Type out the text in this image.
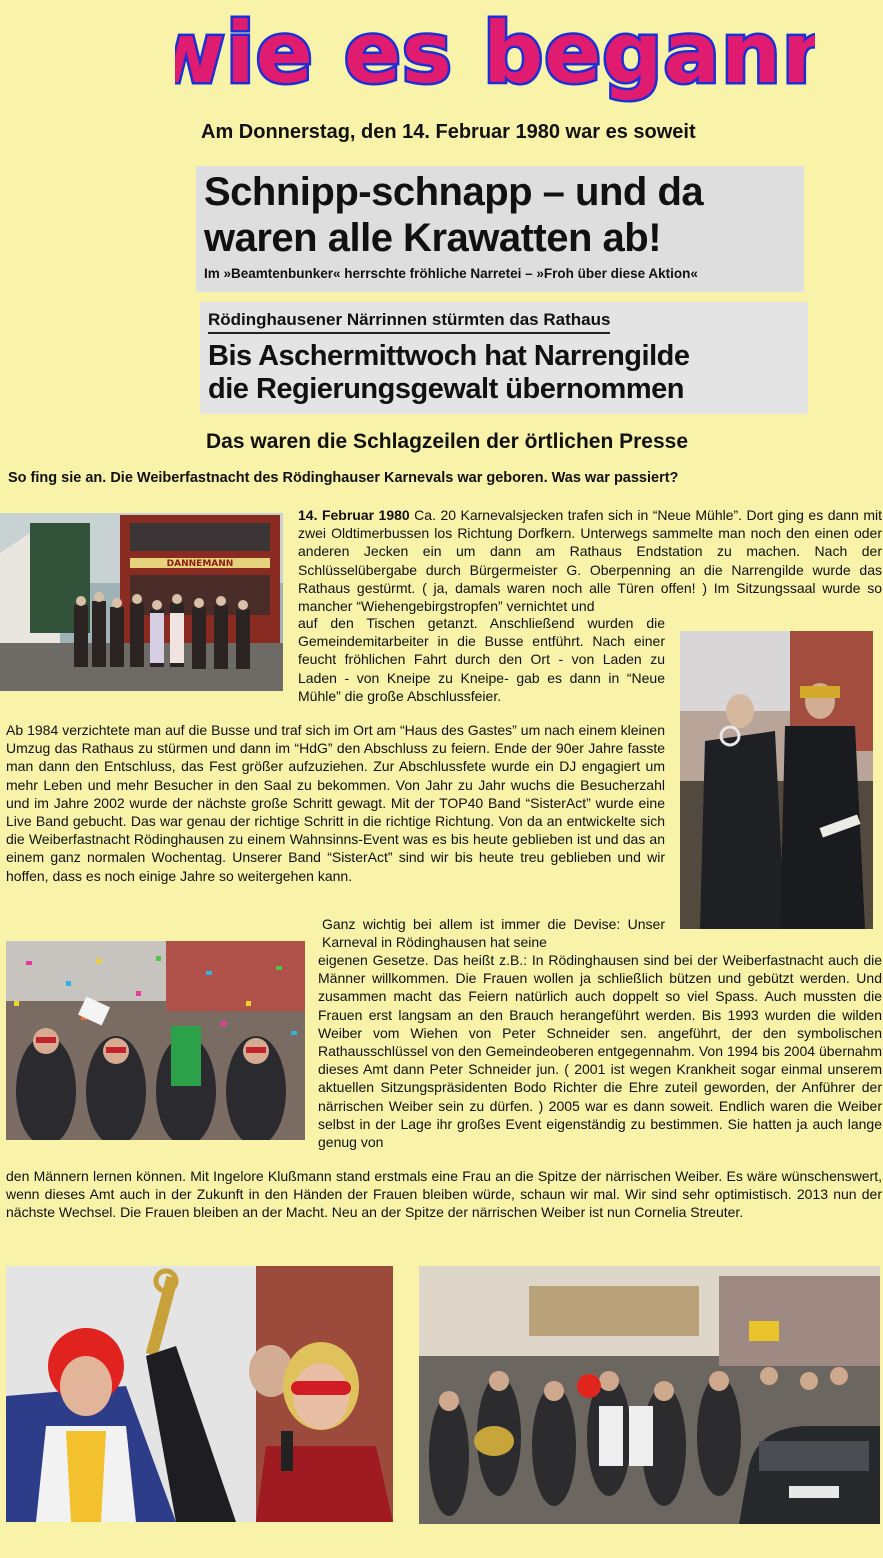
wie es begann
Am Donnerstag, den 14. Februar 1980 war es soweit
Schnipp-schnapp – und da
waren alle Krawatten ab!
Im »Beamtenbunker« herrschte fröhliche Narretei – »Froh über diese Aktion«
Rödinghausener Närrinnen stürmten das Rathaus
Bis Aschermittwoch hat Narrengilde
die Regierungsgewalt übernommen
Das waren die Schlagzeilen der örtlichen Presse
So fing sie an. Die Weiberfastnacht des Rödinghauser Karnevals war geboren. Was war passiert?
DANNEMANN

14. Februar 1980 Ca. 20 Karnevalsjecken trafen sich in “Neue Mühle”. Dort ging es dann mit zwei Oldtimerbussen los Richtung Dorfkern. Unterwegs sammelte man noch den einen oder anderen Jecken ein um dann am Rathaus Endstation zu machen. Nach der Schlüsselübergabe durch Bürgermeister G. Oberpenning an die Narrengilde wurde das Rathaus gestürmt. ( ja, damals waren noch alle Türen offen! ) Im Sitzungssaal wurde so mancher “Wiehengebirgstropfen” vernichtet und

auf den Tischen getanzt. Anschließend wurden die Gemeindemitarbeiter in die Busse entführt. Nach einer feucht fröhlichen Fahrt durch den Ort - von Laden zu Laden - von Kneipe zu Kneipe- gab es dann in “Neue Mühle” die große Abschlussfeier.

Ab 1984 verzichtete man auf die Busse und traf sich im Ort am “Haus des Gastes” um nach einem kleinen Umzug das Rathaus zu stürmen und dann im “HdG” den Abschluss zu feiern. Ende der 90er Jahre fasste man dann den Entschluss, das Fest größer aufzuziehen. Zur Abschlussfete wurde ein DJ engagiert um mehr Leben und mehr Besucher in den Saal zu bekommen. Von Jahr zu Jahr wuchs die Besucherzahl und im Jahre 2002 wurde der nächste große Schritt gewagt. Mit der TOP40 Band “SisterAct” wurde eine Live Band gebucht. Das war genau der richtige Schritt in die richtige Richtung. Von da an entwickelte sich die Weiberfastnacht Rödinghausen zu einem Wahnsinns-Event was es bis heute geblieben ist und das an einem ganz normalen Wochentag. Unserer Band “SisterAct” sind wir bis heute treu geblieben und wir hoffen, dass es noch einige Jahre so weitergehen kann.

Ganz wichtig bei allem ist immer die Devise: Unser Karneval in Rödinghausen hat seine

eigenen Gesetze. Das heißt z.B.: In Rödinghausen sind bei der Weiberfastnacht auch die Männer willkommen. Die Frauen wollen ja schließlich bützen und gebützt werden. Und zusammen macht das Feiern natürlich auch doppelt so viel Spass. Auch mussten die Frauen erst langsam an den Brauch herangeführt werden. Bis 1993 wurden die wilden Weiber vom Wiehen von Peter Schneider sen. angeführt, der den symbolischen Rathausschlüssel von den Gemeindeoberen entgegennahm. Von 1994 bis 2004 übernahm dieses Amt dann Peter Schneider jun. ( 2001 ist wegen Krankheit sogar einmal unserem aktuellen Sitzungspräsidenten Bodo Richter die Ehre zuteil geworden, der Anführer der närrischen Weiber sein zu dürfen. ) 2005 war es dann soweit. Endlich waren die Weiber selbst in der Lage ihr großes Event eigenständig zu bestimmen. Sie hatten ja auch lange genug von

den Männern lernen können. Mit Ingelore Klußmann stand erstmals eine Frau an die Spitze der närrischen Weiber. Es wäre wünschenswert, wenn dieses Amt auch in der Zukunft in den Händen der Frauen bleiben würde, schaun wir mal. Wir sind sehr optimistisch. 2013 nun der nächste Wechsel. Die Frauen bleiben an der Macht. Neu an der Spitze der närrischen Weiber ist nun Cornelia Streuter.
